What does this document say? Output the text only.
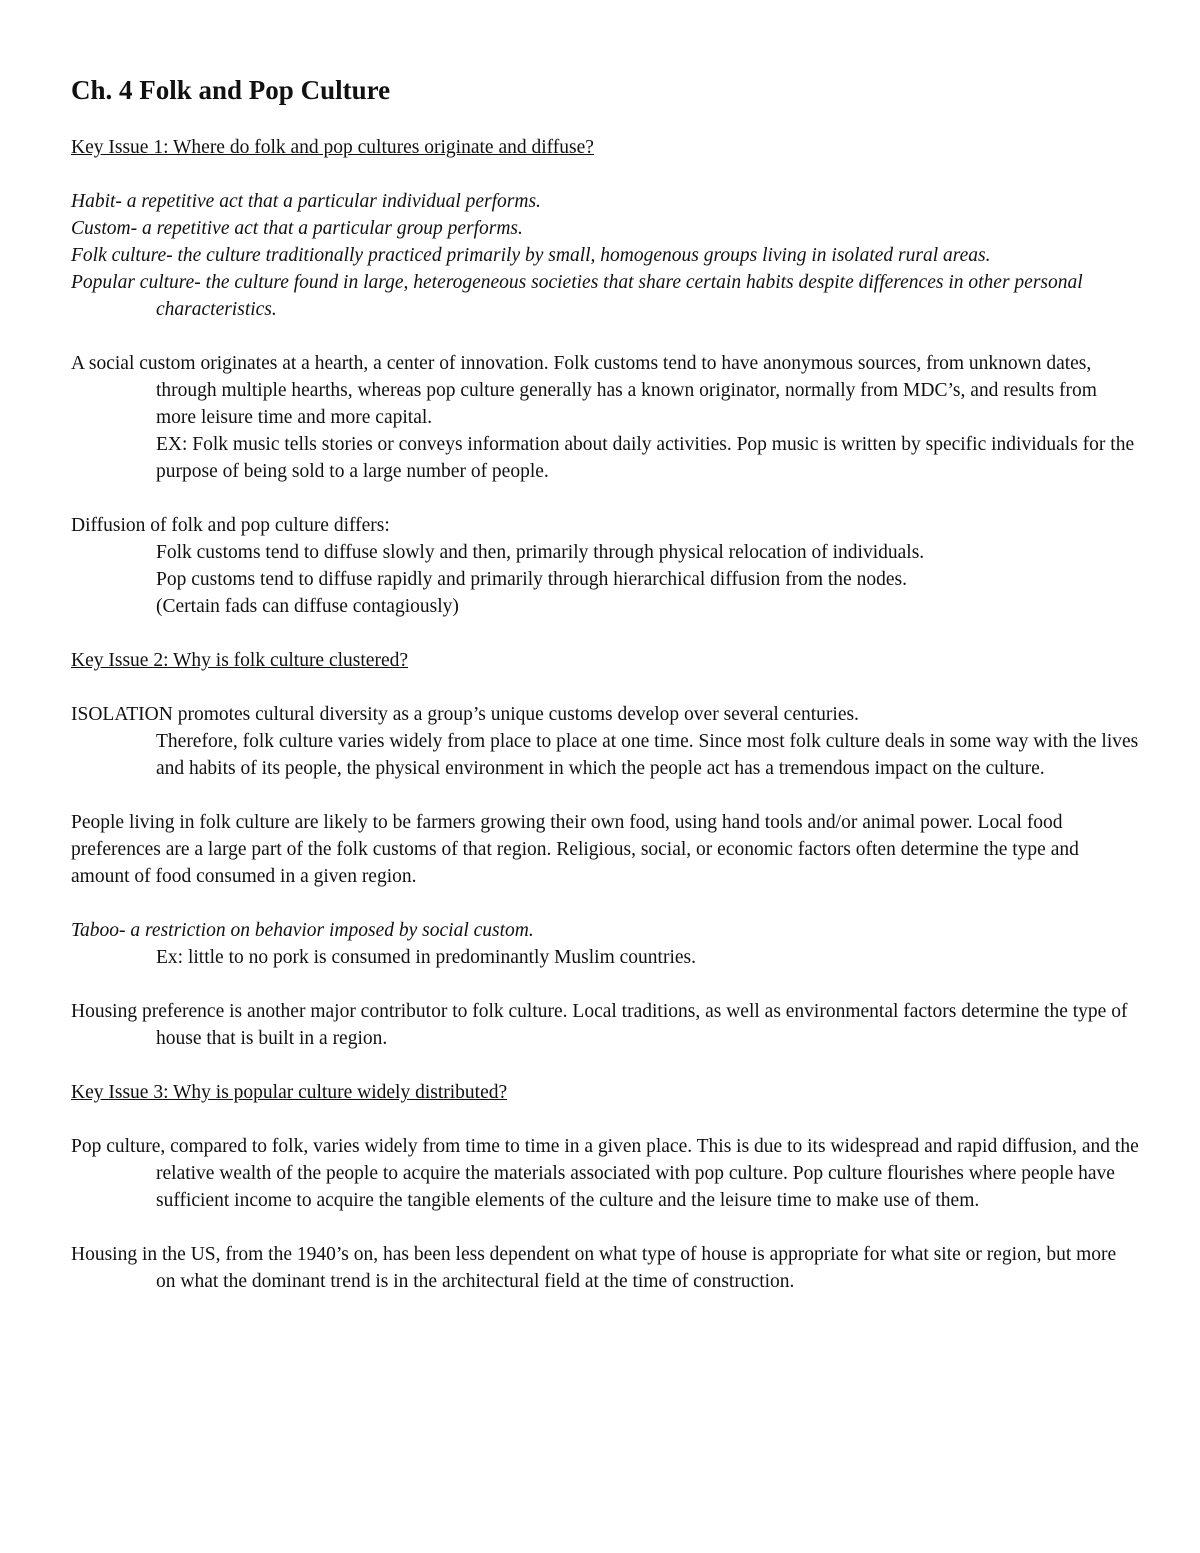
Ch. 4 Folk and Pop Culture
Key Issue 1: Where do folk and pop cultures originate and diffuse?
Habit- a repetitive act that a particular individual performs.
Custom- a repetitive act that a particular group performs.
Folk culture- the culture traditionally practiced primarily by small, homogenous groups living in isolated rural areas.
Popular culture- the culture found in large, heterogeneous societies that share certain habits despite differences in other personal characteristics.
A social custom originates at a hearth, a center of innovation. Folk customs tend to have anonymous sources, from unknown dates, through multiple hearths, whereas pop culture generally has a known originator, normally from MDC’s, and results from more leisure time and more capital.
EX: Folk music tells stories or conveys information about daily activities. Pop music is written by specific individuals for the purpose of being sold to a large number of people.
Diffusion of folk and pop culture differs:
Folk customs tend to diffuse slowly and then, primarily through physical relocation of individuals.
Pop customs tend to diffuse rapidly and primarily through hierarchical diffusion from the nodes.
(Certain fads can diffuse contagiously)
Key Issue 2: Why is folk culture clustered?
ISOLATION promotes cultural diversity as a group’s unique customs develop over several centuries.
Therefore, folk culture varies widely from place to place at one time. Since most folk culture deals in some way with the lives and habits of its people, the physical environment in which the people act has a tremendous impact on the culture.
People living in folk culture are likely to be farmers growing their own food, using hand tools and/or animal power. Local food preferences are a large part of the folk customs of that region. Religious, social, or economic factors often determine the type and amount of food consumed in a given region.
Taboo- a restriction on behavior imposed by social custom.
Ex: little to no pork is consumed in predominantly Muslim countries.
Housing preference is another major contributor to folk culture. Local traditions, as well as environmental factors determine the type of house that is built in a region.
Key Issue 3: Why is popular culture widely distributed?
Pop culture, compared to folk, varies widely from time to time in a given place. This is due to its widespread and rapid diffusion, and the relative wealth of the people to acquire the materials associated with pop culture. Pop culture flourishes where people have sufficient income to acquire the tangible elements of the culture and the leisure time to make use of them.
Housing in the US, from the 1940’s on, has been less dependent on what type of house is appropriate for what site or region, but more on what the dominant trend is in the architectural field at the time of construction.
